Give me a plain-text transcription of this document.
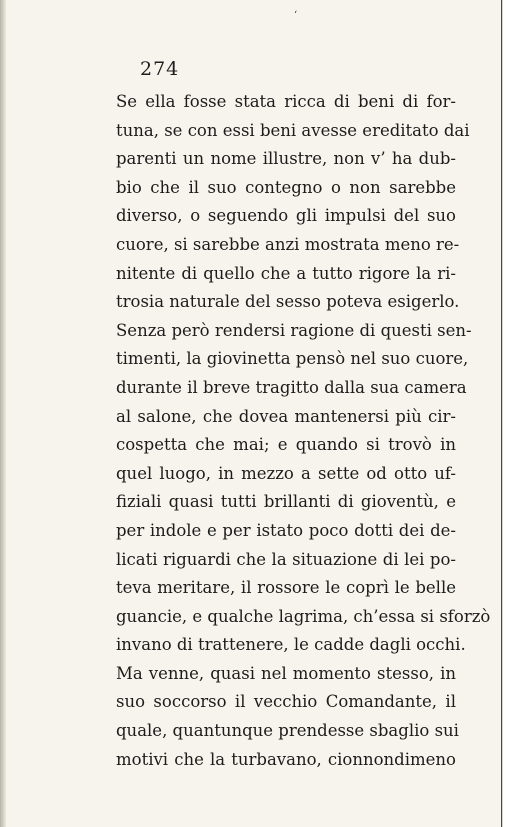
‘
274
Se ella fosse stata ricca di beni di for-
tuna, se con essi beni avesse ereditato dai
parenti un nome illustre, non v’ ha dub-
bio che il suo contegno o non sarebbe
diverso, o seguendo gli impulsi del suo
cuore, si sarebbe anzi mostrata meno re-
nitente di quello che a tutto rigore la ri-
trosia naturale del sesso poteva esigerlo.
Senza però rendersi ragione di questi sen-
timenti, la giovinetta pensò nel suo cuore,
durante il breve tragitto dalla sua camera
al salone, che dovea mantenersi più cir-
cospetta che mai; e quando si trovò in
quel luogo, in mezzo a sette od otto uf-
fiziali quasi tutti brillanti di gioventù, e
per indole e per istato poco dotti dei de-
licati riguardi che la situazione di lei po-
teva meritare, il rossore le coprì le belle
guancie, e qualche lagrima, ch’essa si sforzò
invano di trattenere, le cadde dagli occhi.
Ma venne, quasi nel momento stesso, in
suo soccorso il vecchio Comandante, il
quale, quantunque prendesse sbaglio sui
motivi che la turbavano, cionnondimeno
